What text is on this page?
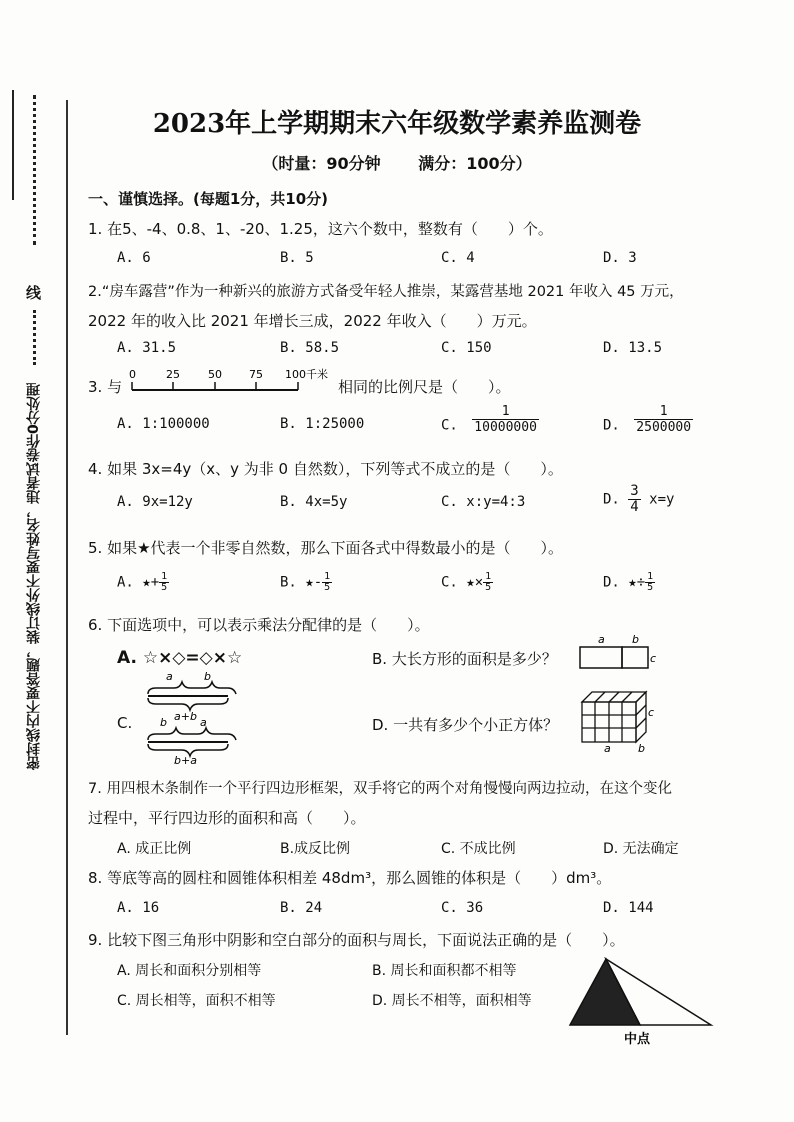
线
密封线内不要答题，装订线外不要写姓名，违者试卷作0分处理
2023年上学期期末六年级数学素养监测卷
（时量：90分钟 满分：100分）
一、谨慎选择。(每题1分，共10分)
1. 在5、-4、0.8、1、-20、1.25，这六个数中，整数有（　　）个。
A. 6	B. 5	C. 4	D. 3
2.“房车露营”作为一种新兴的旅游方式备受年轻人推崇，某露营基地 2021 年收入 45 万元，
2022 年的收入比 2021 年增长三成，2022 年收入（　　）万元。
A. 31.5	B. 58.5	C. 150	D. 13.5
3. 与
0	25	50 75 100千米
相同的比例尺是（　　）。
A. 1:100000	B. 1:25000	C. $\frac{1}{10000000}$	D. $\frac{1}{2500000}$
4. 如果 3x=4y（x、y 为非 0 自然数），下列等式不成立的是（　　）。
A. 9x=12y	B. 4x=5y	C. x:y=4:3	D. $\frac{3}{4} x=y$
5. 如果★代表一个非零自然数，那么下面各式中得数最小的是（　　）。
A. ★+ $\frac{1}{5}$	B. ★- $\frac{1}{5}$	C. ★× $\frac{1}{5}$	D. ★÷ $\frac{1}{5}$
6. 下面选项中，可以表示乘法分配律的是（　　）。
A. ☆×◇=◇×☆	B. 大长方形的面积是多少？
a b
c
C.
a	b
a+b
b	a
b+a
D. 一共有多少个小正方体？
c
a b
7. 用四根木条制作一个平行四边形框架，双手将它的两个对角慢慢向两边拉动，在这个变化
过程中，平行四边形的面积和高（　　）。
A. 成正比例	B.成反比例	C. 不成比例	D. 无法确定
8. 等底等高的圆柱和圆锥体积相差 48dm³，那么圆锥的体积是（　　）dm³。
A. 16	B. 24	C. 36	D. 144
9. 比较下图三角形中阴影和空白部分的面积与周长，下面说法正确的是（　　）。
A. 周长和面积分别相等	B. 周长和面积都不相等
C. 周长相等，面积不相等	D. 周长不相等，面积相等
中点
